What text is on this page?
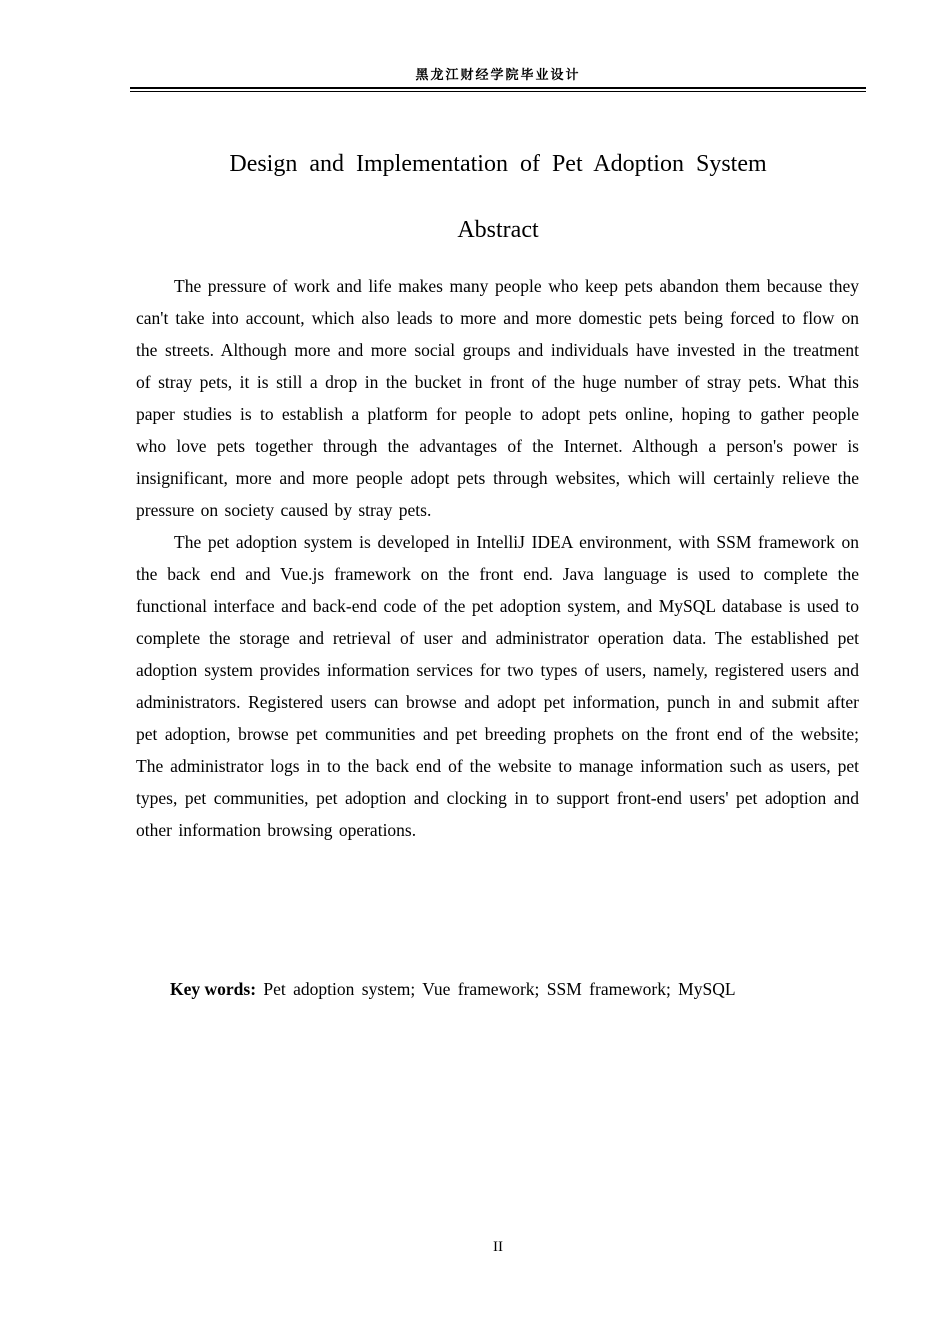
黑龙江财经学院毕业设计
Design and Implementation of Pet Adoption System
Abstract

The pressure of work and life makes many people who keep pets abandon them because they can't take into account, which also leads to more and more domestic pets being forced to flow on the streets. Although more and more social groups and individuals have invested in the treatment of stray pets, it is still a drop in the bucket in front of the huge number of stray pets. What this paper studies is to establish a platform for people to adopt pets online, hoping to gather people who love pets together through the advantages of the Internet. Although a person's power is insignificant, more and more people adopt pets through websites, which will certainly relieve the pressure on society caused by stray pets.

The pet adoption system is developed in IntelliJ IDEA environment, with SSM framework on the back end and Vue.js framework on the front end. Java language is used to complete the functional interface and back-end code of the pet adoption system, and MySQL database is used to complete the storage and retrieval of user and administrator operation data. The established pet adoption system provides information services for two types of users, namely, registered users and administrators. Registered users can browse and adopt pet information, punch in and submit after pet adoption, browse pet communities and pet breeding prophets on the front end of the website; The administrator logs in to the back end of the website to manage information such as users, pet types, pet communities, pet adoption and clocking in to support front-end users' pet adoption and other information browsing operations.

Key words: Pet adoption system; Vue framework; SSM framework; MySQL
II
